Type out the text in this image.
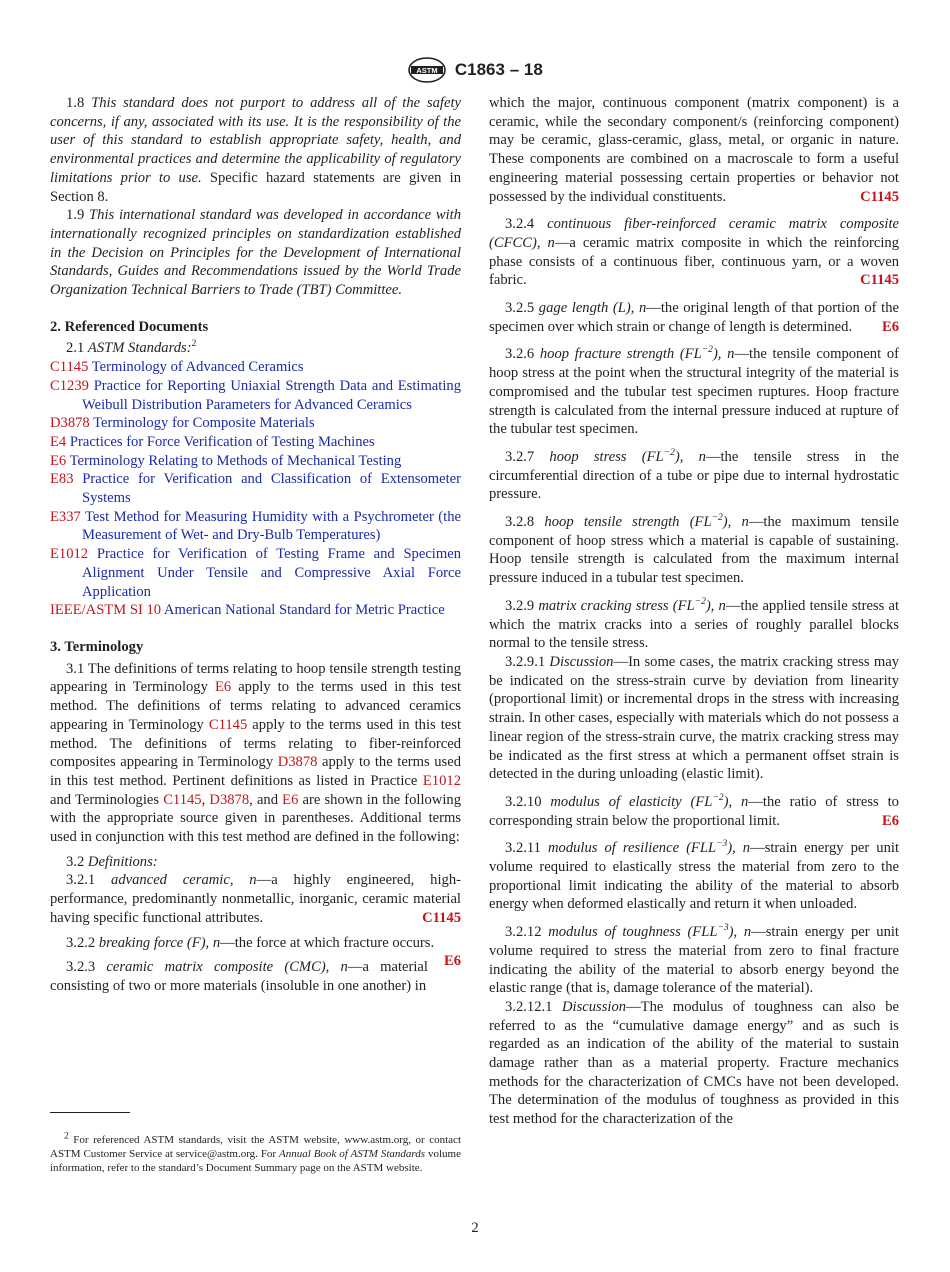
ASTM C1863 – 18

1.8 This standard does not purport to address all of the safety concerns, if any, associated with its use. It is the responsibility of the user of this standard to establish appropriate safety, health, and environmental practices and determine the applicability of regulatory limitations prior to use. Specific hazard statements are given in Section 8.

1.9 This international standard was developed in accordance with internationally recognized principles on standardization established in the Decision on Principles for the Development of International Standards, Guides and Recommendations issued by the World Trade Organization Technical Barriers to Trade (TBT) Committee.

2. Referenced Documents

2.1 ASTM Standards:$^2$

C1145 Terminology of Advanced Ceramics

C1239 Practice for Reporting Uniaxial Strength Data and Estimating Weibull Distribution Parameters for Advanced Ceramics

D3878 Terminology for Composite Materials

E4 Practices for Force Verification of Testing Machines

E6 Terminology Relating to Methods of Mechanical Testing

E83 Practice for Verification and Classification of Extensometer Systems

E337 Test Method for Measuring Humidity with a Psychrometer (the Measurement of Wet- and Dry-Bulb Temperatures)

E1012 Practice for Verification of Testing Frame and Specimen Alignment Under Tensile and Compressive Axial Force Application

IEEE/ASTM SI 10 American National Standard for Metric Practice

3. Terminology

3.1 The definitions of terms relating to hoop tensile strength testing appearing in Terminology E6 apply to the terms used in this test method. The definitions of terms relating to advanced ceramics appearing in Terminology C1145 apply to the terms used in this test method. The definitions of terms relating to fiber-reinforced composites appearing in Terminology D3878 apply to the terms used in this test method. Pertinent definitions as listed in Practice E1012 and Terminologies C1145, D3878, and E6 are shown in the following with the appropriate source given in parentheses. Additional terms used in conjunction with this test method are defined in the following:

3.2 Definitions:

3.2.1 advanced ceramic, n—a highly engineered, high-performance, predominantly nonmetallic, inorganic, ceramic material having specific functional attributes.	C1145

3.2.2 breaking force (F), n—the force at which fracture occurs.
E6

3.2.3 ceramic matrix composite (CMC), n—a material consisting of two or more materials (insoluble in one another) in

which the major, continuous component (matrix component) is a ceramic, while the secondary component/s (reinforcing component) may be ceramic, glass-ceramic, glass, metal, or organic in nature. These components are combined on a macroscale to form a useful engineering material possessing certain properties or behavior not possessed by the individual constituents.	C1145

3.2.4 continuous fiber-reinforced ceramic matrix composite (CFCC), n—a ceramic matrix composite in which the reinforcing phase consists of a continuous fiber, continuous yarn, or a woven fabric.	C1145

3.2.5 gage length (L), n—the original length of that portion of the specimen over which strain or change of length is determined.	E6

3.2.6 hoop fracture strength $(FL^{-2})$, n—the tensile component of hoop stress at the point when the structural integrity of the material is compromised and the tubular test specimen ruptures. Hoop fracture strength is calculated from the internal pressure induced at rupture of the tubular test specimen.

3.2.7 hoop stress $(FL^{-2})$, n—the tensile stress in the circumferential direction of a tube or pipe due to internal hydrostatic pressure.

3.2.8 hoop tensile strength $(FL^{-2})$, n—the maximum tensile component of hoop stress which a material is capable of sustaining. Hoop tensile strength is calculated from the maximum internal pressure induced in a tubular test specimen.

3.2.9 matrix cracking stress $(FL^{-2})$, n—the applied tensile stress at which the matrix cracks into a series of roughly parallel blocks normal to the tensile stress.

3.2.9.1 Discussion—In some cases, the matrix cracking stress may be indicated on the stress-strain curve by deviation from linearity (proportional limit) or incremental drops in the stress with increasing strain. In other cases, especially with materials which do not possess a linear region of the stress-strain curve, the matrix cracking stress may be indicated as the first stress at which a permanent offset strain is detected in the during unloading (elastic limit).

3.2.10 modulus of elasticity $(FL^{-2})$, n—the ratio of stress to corresponding strain below the proportional limit.	E6

3.2.11 modulus of resilience $(FLL^{-3})$, n—strain energy per unit volume required to elastically stress the material from zero to the proportional limit indicating the ability of the material to absorb energy when deformed elastically and return it when unloaded.

3.2.12 modulus of toughness $(FLL^{-3})$, n—strain energy per unit volume required to stress the material from zero to final fracture indicating the ability of the material to absorb energy beyond the elastic range (that is, damage tolerance of the material).

3.2.12.1 Discussion—The modulus of toughness can also be referred to as the “cumulative damage energy” and as such is regarded as an indication of the ability of the material to sustain damage rather than as a material property. Fracture mechanics methods for the characterization of CMCs have not been developed. The determination of the modulus of toughness as provided in this test method for the characterization of the

$^2$ For referenced ASTM standards, visit the ASTM website, www.astm.org, or contact ASTM Customer Service at service@astm.org. For Annual Book of ASTM Standards volume information, refer to the standard’s Document Summary page on the ASTM website.

2
